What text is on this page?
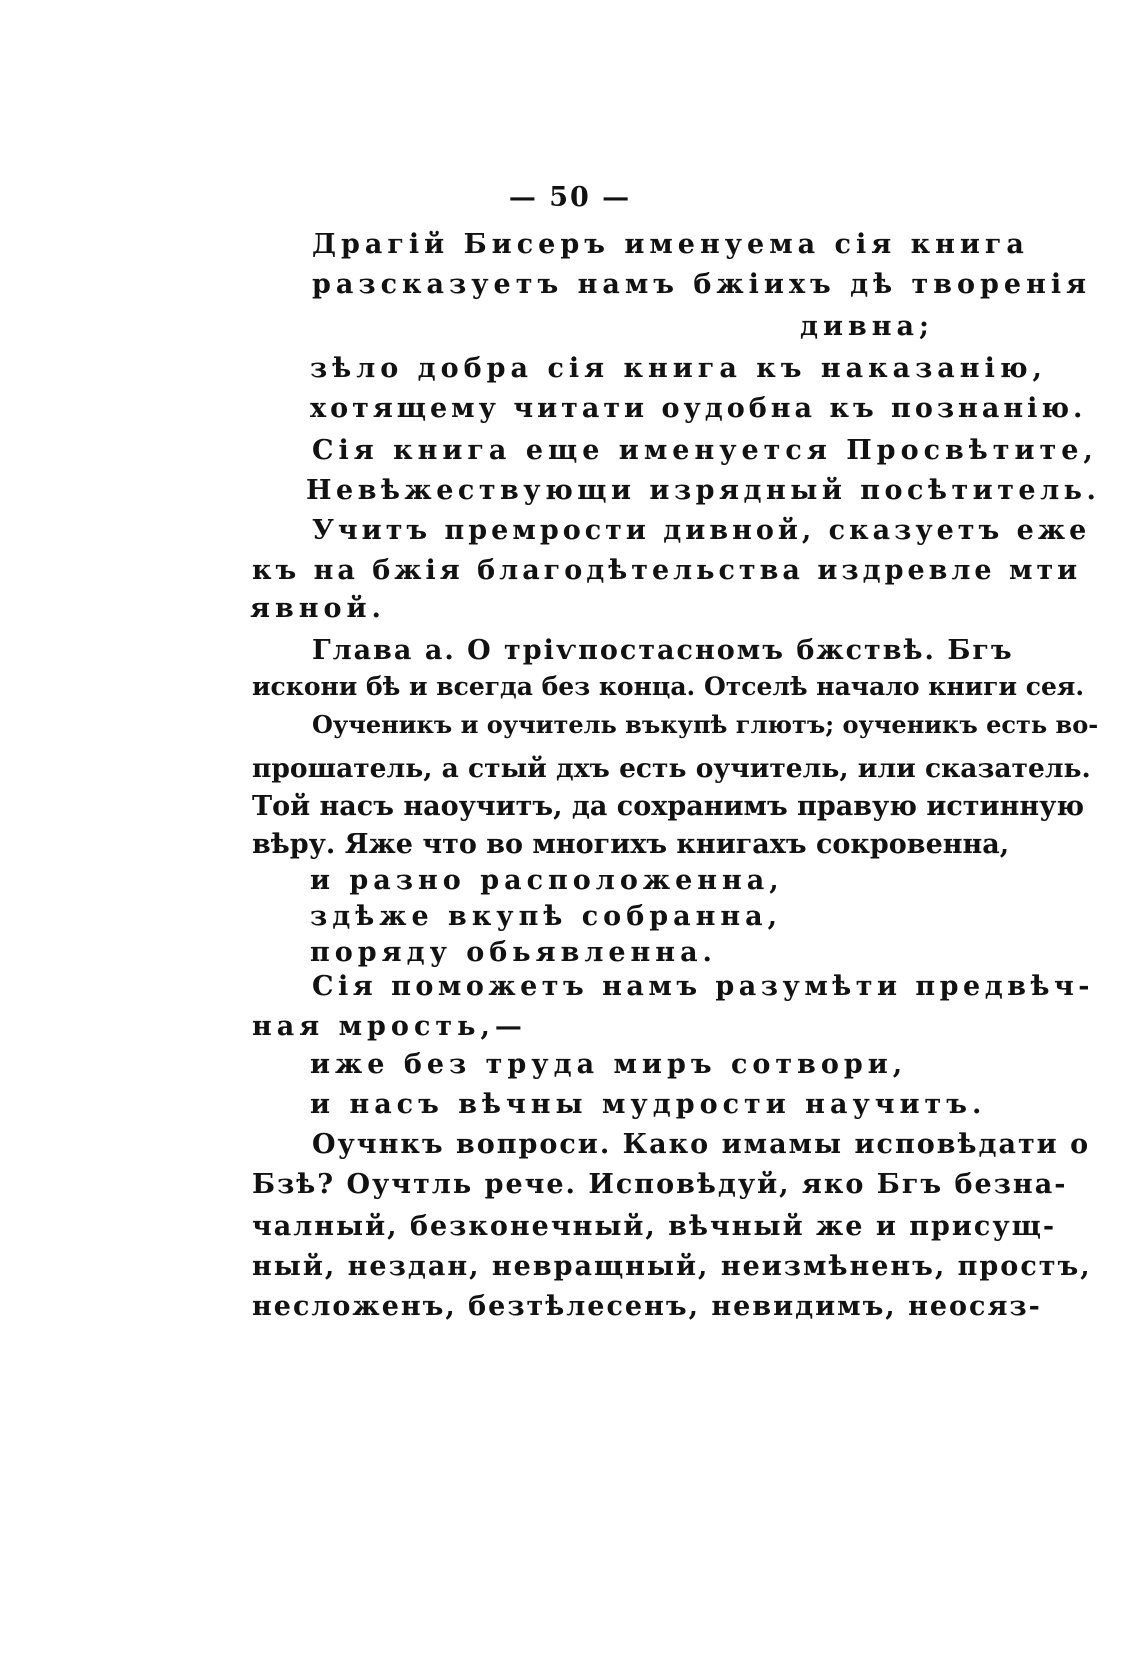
— 50 —
Драгій Бисеръ именуема сія книга
разсказуетъ намъ бжіихъ дѣ творенія
дивна;
зѣло добра сія книга къ наказанію,
хотящему читати оудобна къ познанію.
Сія книга еще именуется Просвѣтите,
Невѣжествующи изрядный посѣтитель.
Учитъ премрости дивной, сказуетъ еже
къ на бжія благодѣтельства издревле мти
явной.
Глава а. О тріѵпостасномъ бжствѣ. Бгъ
искони бѣ и всегда без конца. Отселѣ начало книги сея.
Оученикъ и оучитель въкупѣ глютъ; оученикъ есть во-
прошатель, а стый дхъ есть оучитель, или сказатель.
Той насъ наоучитъ, да сохранимъ правую истинную
вѣру. Яже что во многихъ книгахъ сокровенна,
и разно расположенна,
здѣже вкупѣ собранна,
поряду обьявленна.
Сія поможетъ намъ разумѣти предвѣч-
ная мрость,—
иже без труда миръ сотвори,
и насъ вѣчны мудрости научитъ.
Оучнкъ вопроси. Како имамы исповѣдати о
Бзѣ? Оучтль рече. Исповѣдуй, яко Бгъ безна-
чалный, безконечный, вѣчный же и присущ-
ный, нездан, невращный, неизмѣненъ, простъ,
несложенъ, безтѣлесенъ, невидимъ, неосяз-
